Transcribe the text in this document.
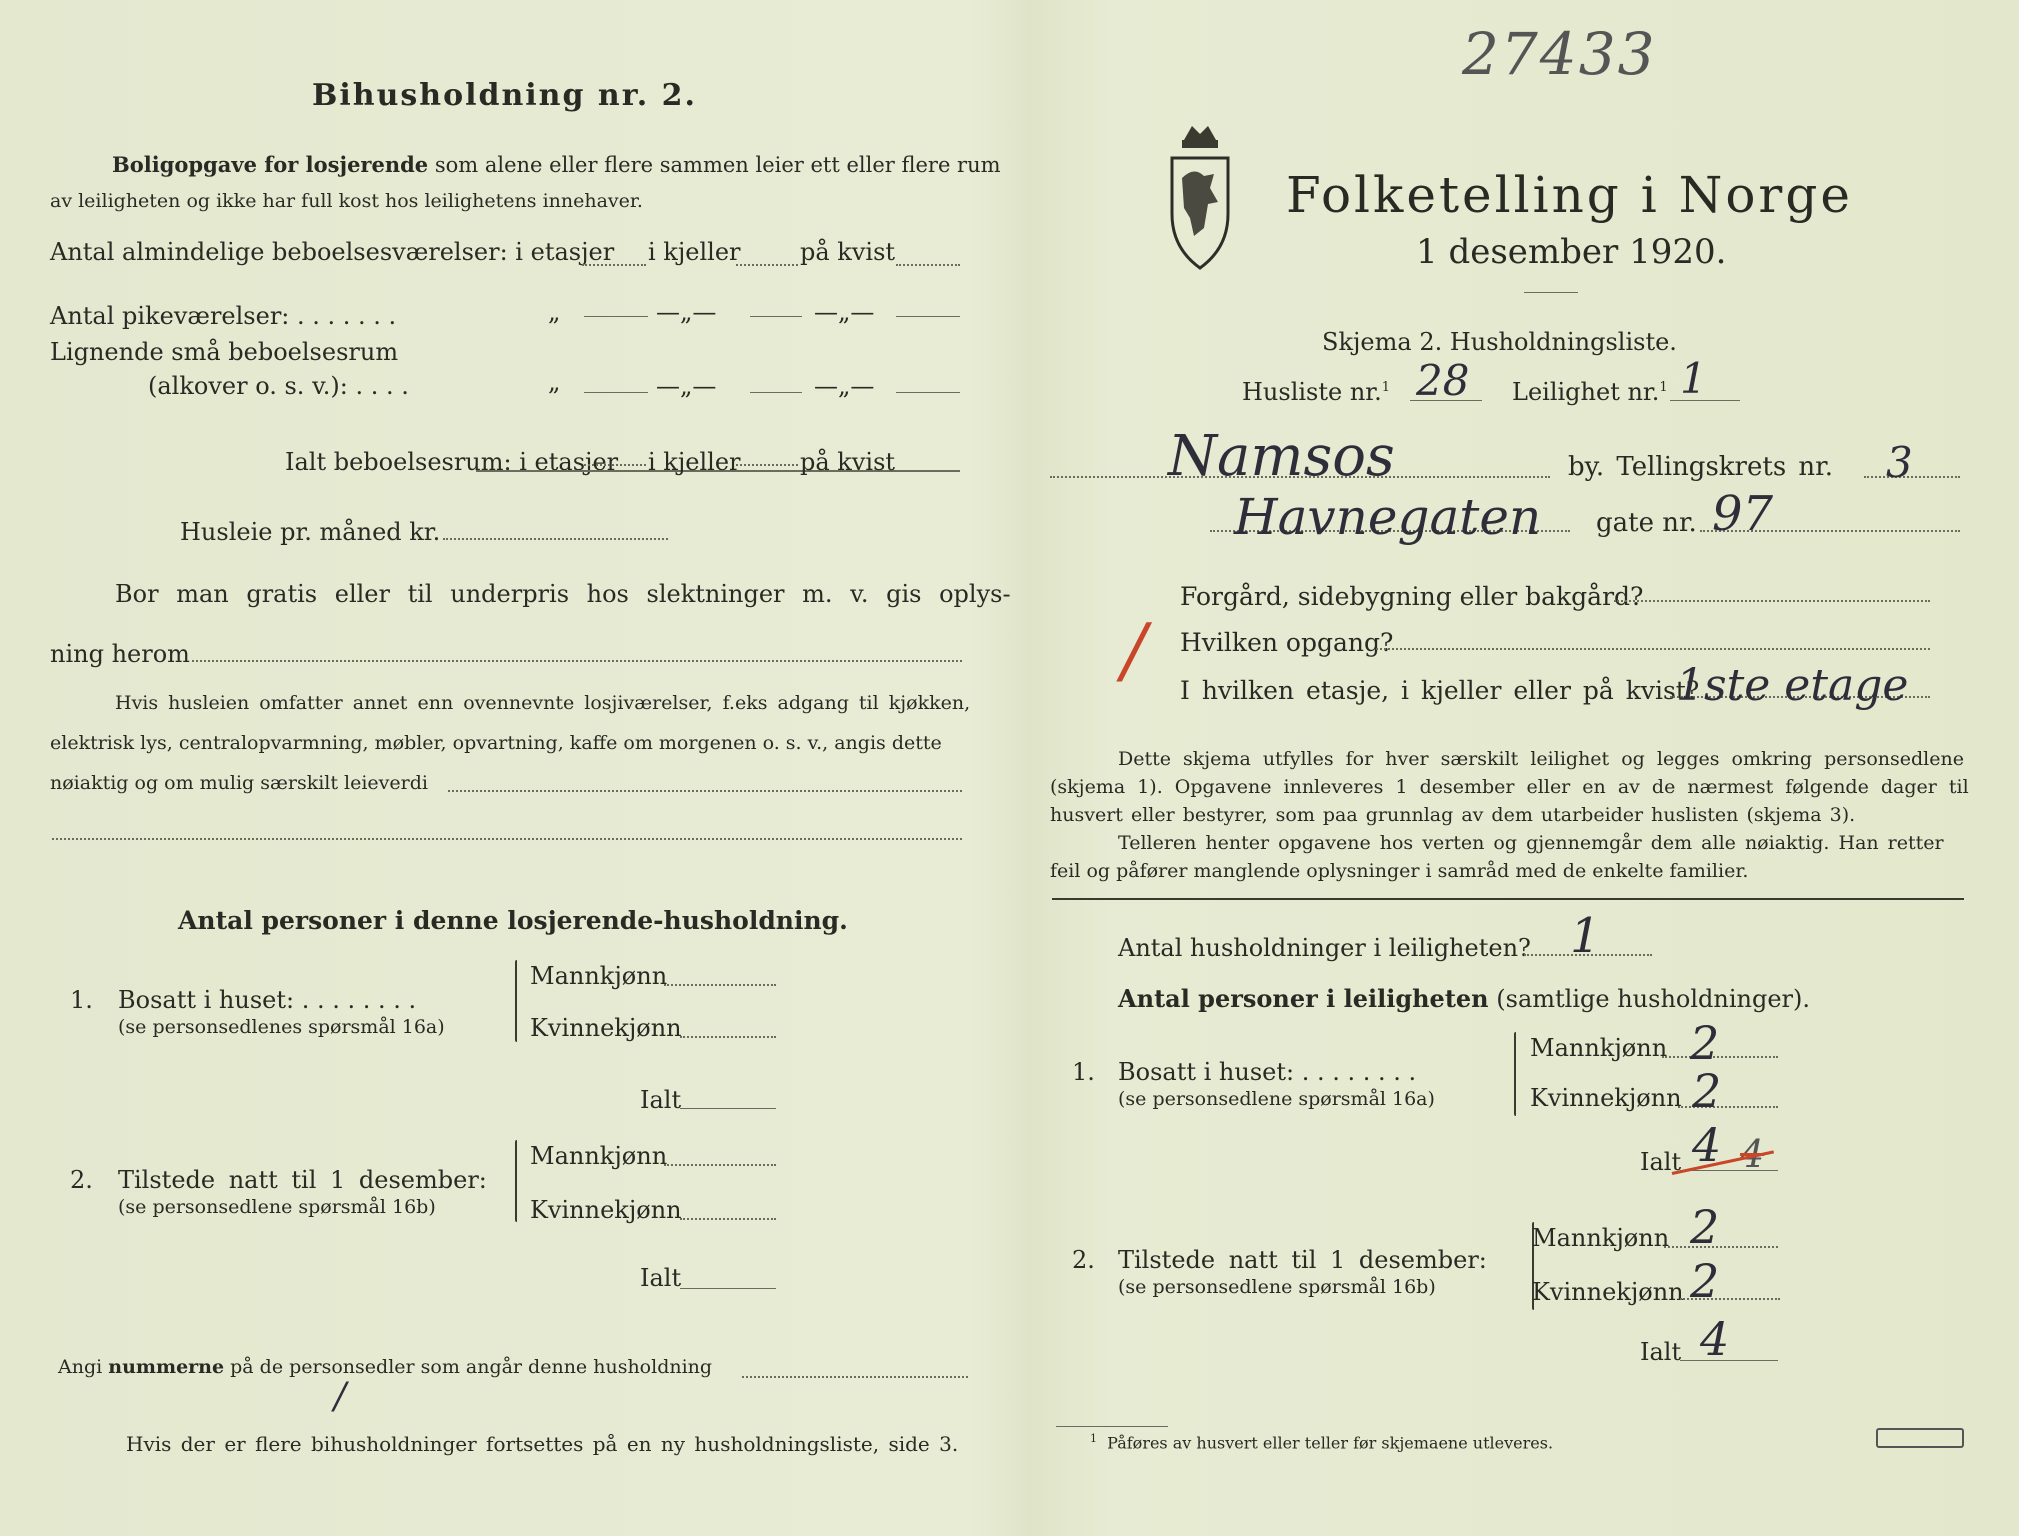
27433
Bihusholdning nr. 2.
Boligopgave for losjerende som alene eller flere sammen leier ett eller flere rum
av leiligheten og ikke har full kost hos leilighetens innehaver.
Antal almindelige beboelsesværelser: i etasjer i kjeller på kvist
Antal pikeværelser: . . . . . . .	„	—„—	—„—
Lignende små beboelsesrum
(alkover o. s. v.): . . . .	„	—„—	—„—
Ialt beboelsesrum: i etasjer i kjeller på kvist
Husleie pr. måned kr.
Bor man gratis eller til underpris hos slektninger m. v. gis oplys-
ning herom
Hvis husleien omfatter annet enn ovennevnte losjiværelser, f.eks adgang til kjøkken,
elektrisk lys, centralopvarmning, møbler, opvartning, kaffe om morgenen o. s. v., angis dette
nøiaktig og om mulig særskilt leieverdi
Antal personer i denne losjerende-husholdning.
1. Bosatt i huset: . . . . . . . .
(se personsedlenes spørsmål 16a)
Mannkjønn
Kvinnekjønn
Ialt
2. Tilstede natt til 1 desember:
(se personsedlene spørsmål 16b)
Mannkjønn
Kvinnekjønn
Ialt
Angi nummerne på de personsedler som angår denne husholdning
/
Hvis der er flere bihusholdninger fortsettes på en ny husholdningsliste, side 3.
Folketelling i Norge
1 desember 1920.
Skjema 2. Husholdningsliste.
Husliste nr.$^1$ 28 Leilighet nr.$^1$ 1
Namsos	by. Tellingskrets nr. 3
Havnegaten gate nr. 97
Forgård, sidebygning eller bakgård?
Hvilken opgang?
/ I hvilken etasje, i kjeller eller på kvist?
1ste etage
Dette skjema utfylles for hver særskilt leilighet og legges omkring personsedlene
(skjema 1). Opgavene innleveres 1 desember eller en av de nærmest følgende dager til
husvert eller bestyrer, som paa grunnlag av dem utarbeider huslisten (skjema 3).
Telleren henter opgavene hos verten og gjennemgår dem alle nøiaktig. Han retter
feil og påfører manglende oplysninger i samråd med de enkelte familier.
Antal husholdninger i leiligheten? 1
Antal personer i leiligheten (samtlige husholdninger).
1. Bosatt i huset: . . . . . . . .
(se personsedlene spørsmål 16a)
Mannkjønn 2
Kvinnekjønn 2
Ialt 4 4
2. Tilstede natt til 1 desember:
(se personsedlene spørsmål 16b)
Mannkjønn 2
Kvinnekjønn 2
Ialt 4
$^1$ Påføres av husvert eller teller før skjemaene utleveres.
